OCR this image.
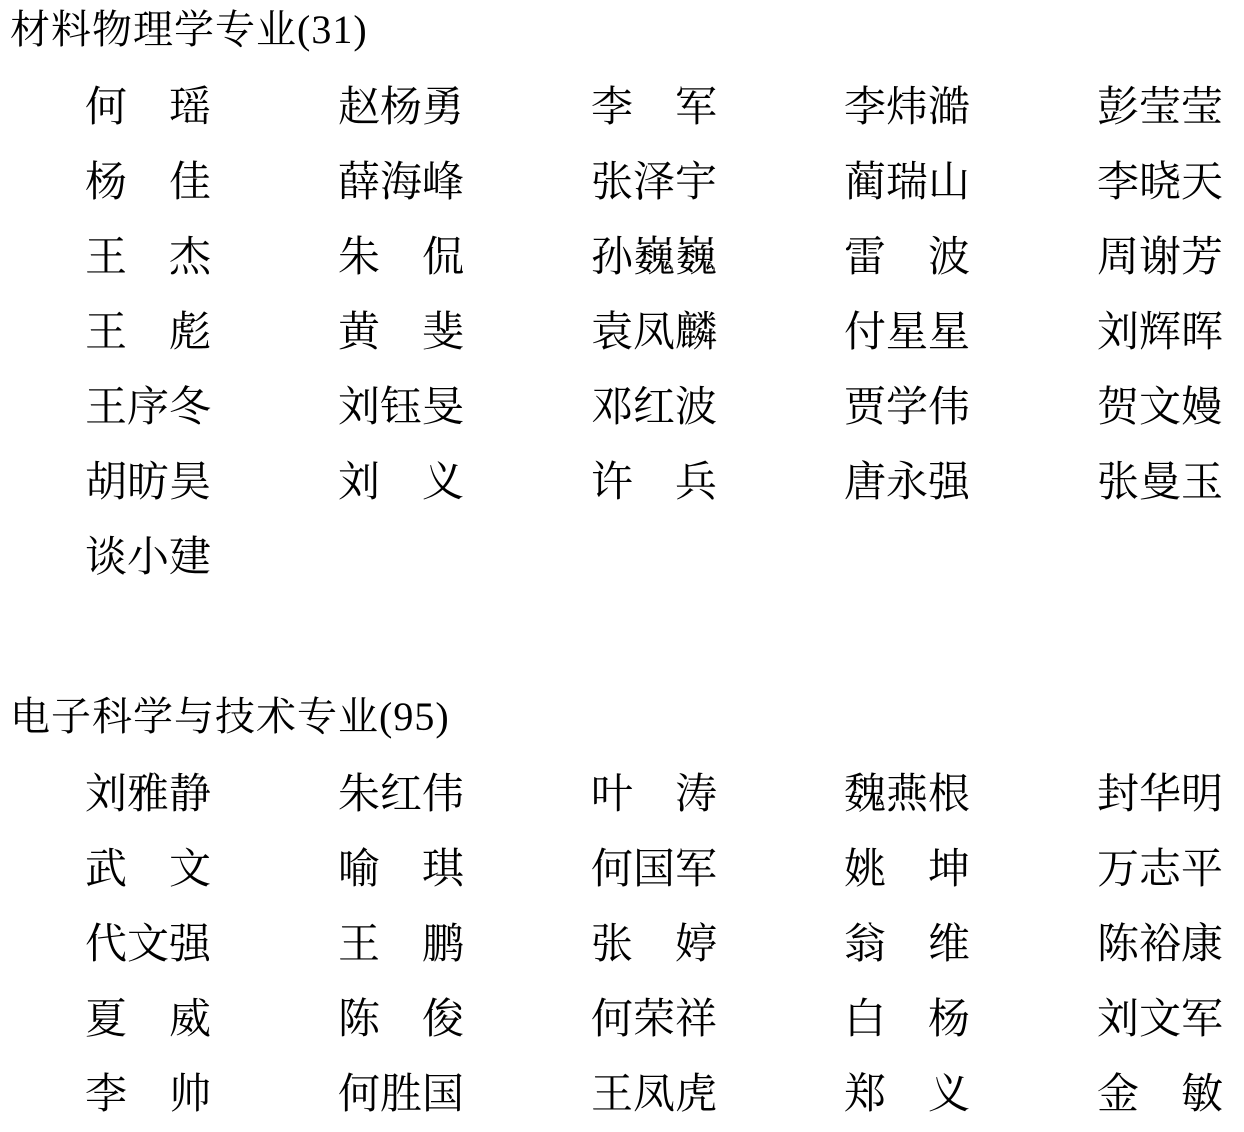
材料物理学专业(31)
何　瑶	赵杨勇	李　军	李炜澔	彭莹莹
杨　佳	薛海峰	张泽宇	蔺瑞山	李晓天
王　杰	朱　侃	孙巍巍	雷　波	周谢芳
王　彪	黄　斐	袁凤麟	付星星	刘辉晖
王序冬	刘钰旻	邓红波	贾学伟	贺文嫚
胡昉昊	刘　义	许　兵	唐永强	张曼玉
谈小建
电子科学与技术专业(95)
刘雅静	朱红伟	叶　涛	魏燕根	封华明
武　文	喻　琪	何国军	姚　坤	万志平
代文强	王　鹏	张　婷	翁　维	陈裕康
夏　威	陈　俊	何荣祥	白　杨	刘文军
李　帅	何胜国	王凤虎	郑　义	金　敏
